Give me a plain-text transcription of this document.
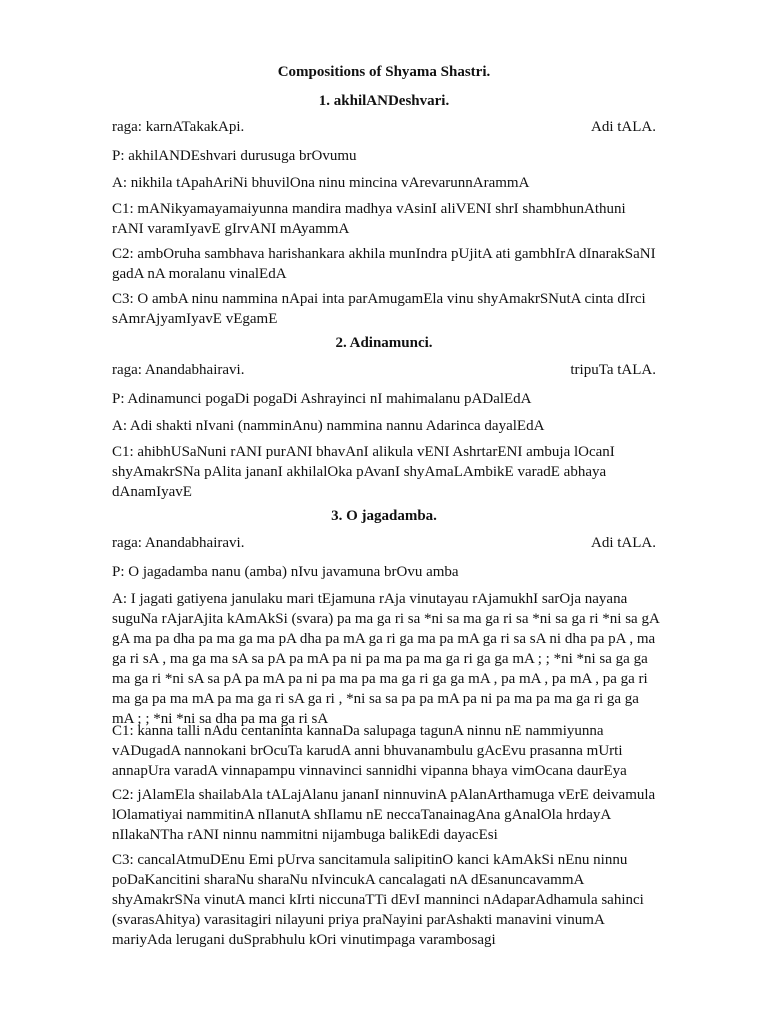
Compositions of Shyama Shastri.
1. akhilANDeshvari.
raga: karnATakakApi.	Adi tALA.

P: akhilANDEshvari durusuga brOvumu

A: nikhila tApahAriNi bhuvilOna ninu mincina vArevarunnArammA

C1: mANikyamayamaiyunna mandira madhya vAsinI aliVENI shrI shambhunAthuni rANI varamIyavE gIrvANI mAyammA

C2: ambOruha sambhava harishankara akhila munIndra pUjitA ati gambhIrA dInarakSaNI gadA nA moralanu vinalEdA

C3: O ambA ninu nammina nApai inta parAmugamEla vinu shyAmakrSNutA cinta dIrci sAmrAjyamIyavE vEgamE

2. Adinamunci.
raga: Anandabhairavi.	tripuTa tALA.

P: Adinamunci pogaDi pogaDi Ashrayinci nI mahimalanu pADalEdA

A: Adi shakti nIvani (namminAnu) nammina nannu Adarinca dayalEdA

C1: ahibhUSaNuni rANI purANI bhavAnI alikula vENI AshrtarENI ambuja lOcanI shyAmakrSNa pAlita jananI akhilalOka pAvanI shyAmaLAmbikE varadE abhaya dAnamIyavE

3. O jagadamba.
raga: Anandabhairavi.	Adi tALA.

P: O jagadamba nanu (amba) nIvu javamuna brOvu amba

A: I jagati gatiyena janulaku mari tEjamuna rAja vinutayau rAjamukhI sarOja nayana suguNa rAjarAjita kAmAkSi (svara) pa ma ga ri sa *ni sa ma ga ri sa *ni sa ga ri *ni sa gA gA ma pa dha pa ma ga ma pA dha pa mA ga ri ga ma pa mA ga ri sa sA ni dha pa pA , ma ga ri sA , ma ga ma sA sa pA pa mA pa ni pa ma pa ma ga ri ga ga mA ; ; *ni *ni sa ga ga ma ga ri *ni sA sa pA pa mA pa ni pa ma pa ma ga ri ga ga mA , pa mA , pa mA , pa ga ri ma ga pa ma mA pa ma ga ri sA ga ri , *ni sa sa pa pa mA pa ni pa ma pa ma ga ri ga ga mA ; ; *ni *ni sa dha pa ma ga ri sA

C1: kanna talli nAdu centaninta kannaDa salupaga tagunA ninnu nE nammiyunna vADugadA nannokani brOcuTa karudA anni bhuvanambulu gAcEvu prasanna mUrti annapUra varadA vinnapampu vinnavinci sannidhi vipanna bhaya vimOcana daurEya

C2: jAlamEla shailabAla tALajAlanu jananI ninnuvinA pAlanArthamuga vErE deivamula lOlamatiyai nammitinA nIlanutA shIlamu nE neccaTanainagAna gAnalOla hrdayA nIlakaNTha rANI ninnu nammitni nijambuga balikEdi dayacEsi

C3: cancalAtmuDEnu Emi pUrva sancitamula salipitinO kanci kAmAkSi nEnu ninnu poDaKancitini sharaNu sharaNu nIvincukA cancalagati nA dEsanuncavammA shyAmakrSNa vinutA manci kIrti niccunaTTi dEvI manninci nAdaparAdhamula sahinci (svarasAhitya) varasitagiri nilayuni priya praNayini parAshakti manavini vinumA mariyAda lerugani duSprabhulu kOri vinutimpaga varambosagi
